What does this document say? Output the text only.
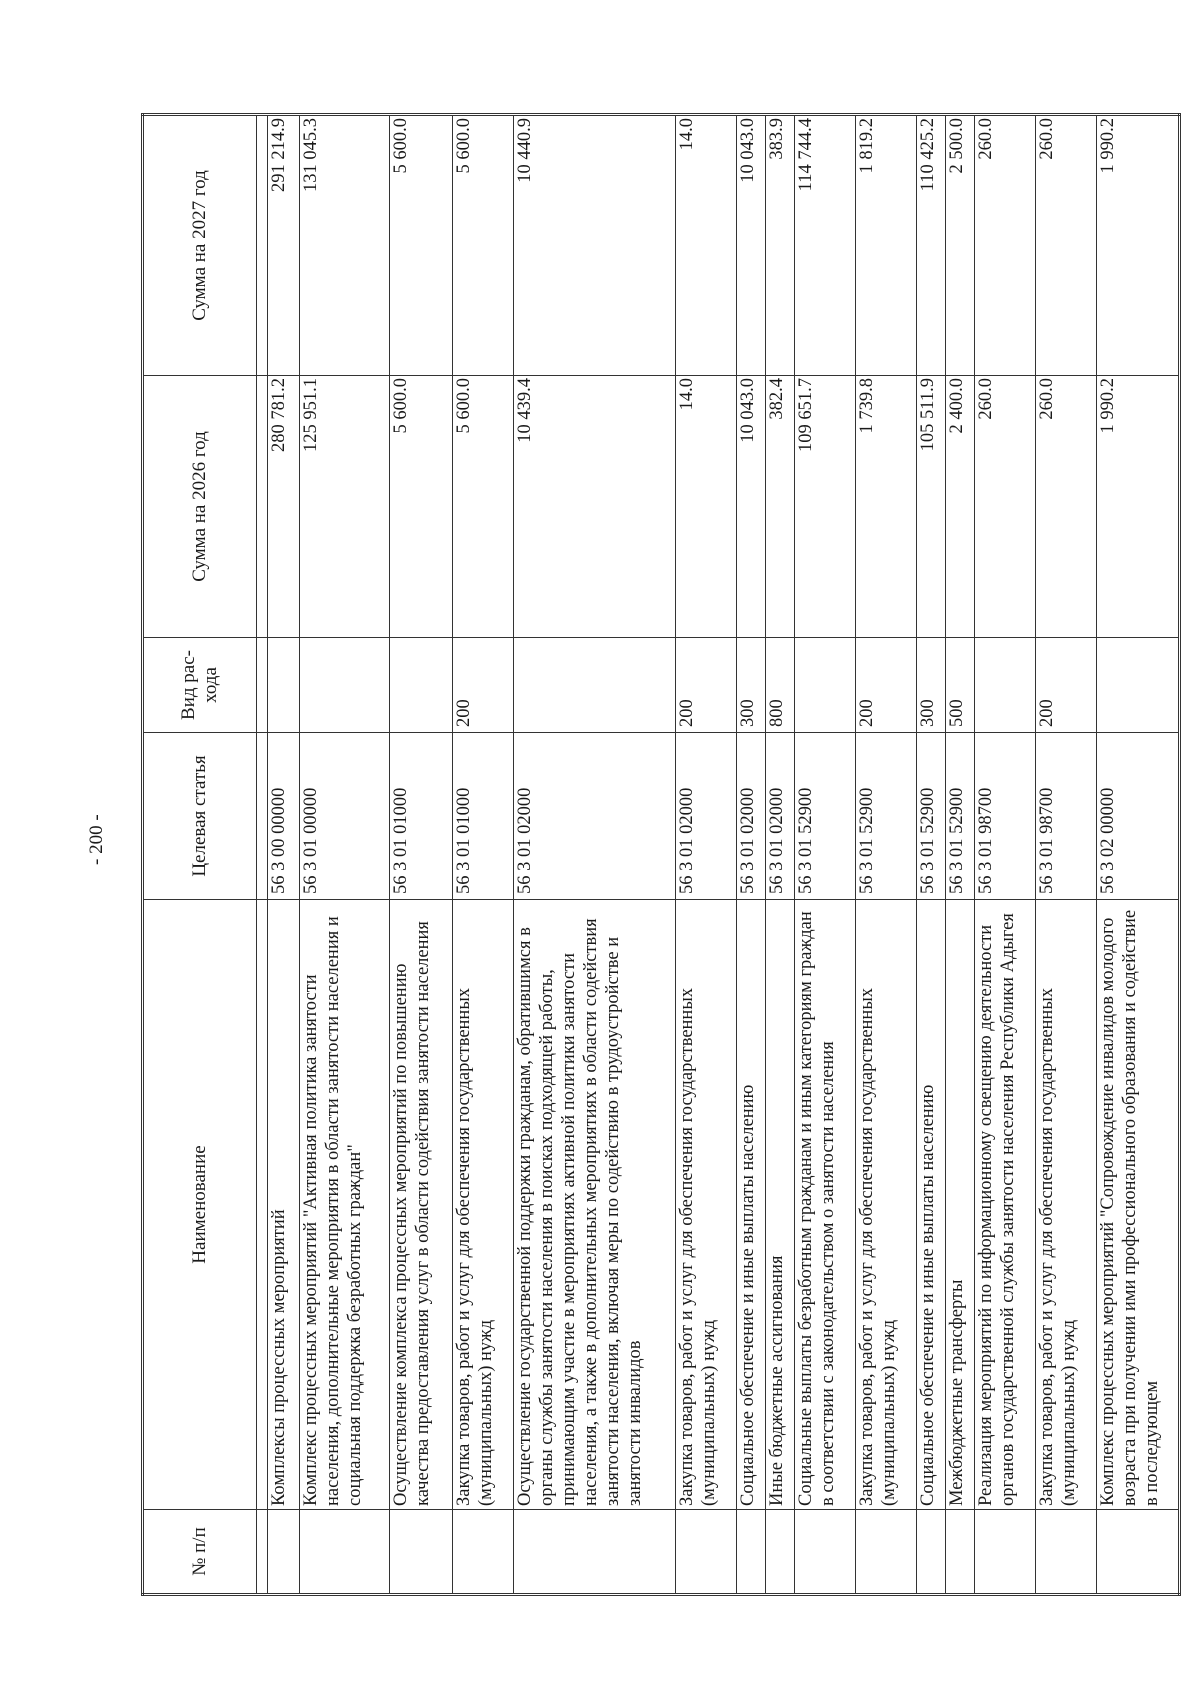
- 200 -
№ п/п	Наименование	Целевая статья	Вид рас- хода	Сумма на 2026 год	Сумма на 2027 год

	Комплексы процессных мероприятий	56 3 00 00000		280 781.2	291 214.9
	Комплекс процессных мероприятий "Активная политика занятости населения, дополнительные мероприятия в области занятости населения и социальная поддержка безработных граждан"	56 3 01 00000		125 951.1	131 045.3
	Осуществление комплекса процессных мероприятий по повышению качества предоставления услуг в области содействия занятости населения	56 3 01 01000		5 600.0	5 600.0
	Закупка товаров, работ и услуг для обеспечения государственных (муниципальных) нужд	56 3 01 01000	200	5 600.0	5 600.0
	Осуществление государственной поддержки гражданам, обратившимся в органы службы занятости населения в поисках подходящей работы, принимающим участие в мероприятиях активной политики занятости населения, а также в дополнительных мероприятиях в области содействия занятости населения, включая меры по содействию в трудоустройстве и занятости инвалидов	56 3 01 02000		10 439.4	10 440.9
	Закупка товаров, работ и услуг для обеспечения государственных (муниципальных) нужд	56 3 01 02000	200	14.0	14.0
	Социальное обеспечение и иные выплаты населению	56 3 01 02000	300	10 043.0	10 043.0
	Иные бюджетные ассигнования	56 3 01 02000	800	382.4	383.9
	Социальные выплаты безработным гражданам и иным категориям граждан в соответствии с законодательством о занятости населения	56 3 01 52900		109 651.7	114 744.4
	Закупка товаров, работ и услуг для обеспечения государственных (муниципальных) нужд	56 3 01 52900	200	1 739.8	1 819.2
	Социальное обеспечение и иные выплаты населению	56 3 01 52900	300	105 511.9	110 425.2
	Межбюджетные трансферты	56 3 01 52900	500	2 400.0	2 500.0
	Реализация мероприятий по информационному освещению деятельности органов государственной службы занятости населения Республики Адыгея	56 3 01 98700		260.0	260.0
	Закупка товаров, работ и услуг для обеспечения государственных (муниципальных) нужд	56 3 01 98700	200	260.0	260.0
	Комплекс процессных мероприятий "Сопровождение инвалидов молодого возраста при получении ими профессионального образования и содействие в последующем	56 3 02 00000		1 990.2	1 990.2
